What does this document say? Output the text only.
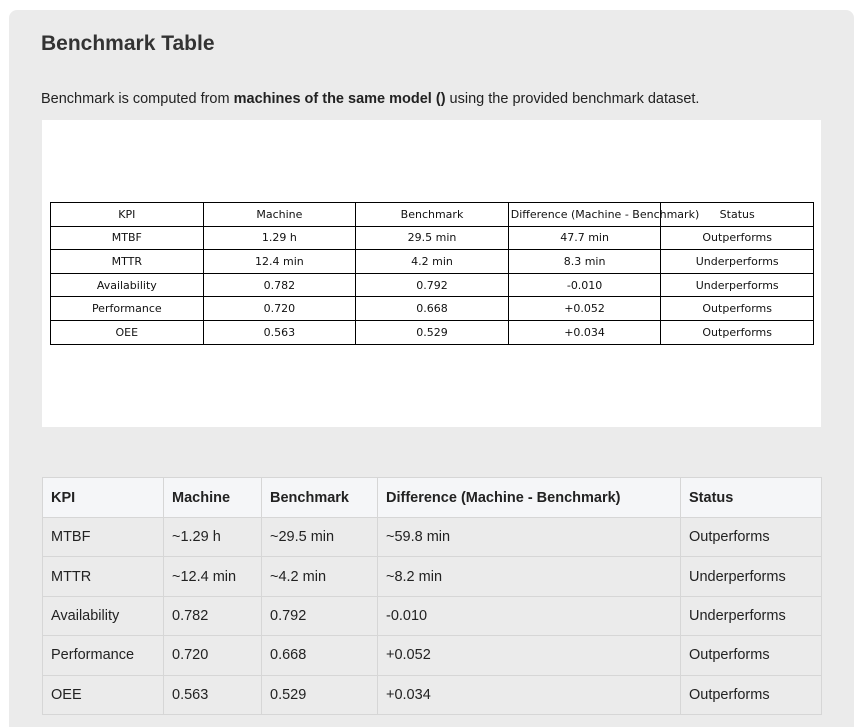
Benchmark Table

Benchmark is computed from machines of the same model () using the provided benchmark dataset.

KPI	Machine	Benchmark	Difference (Machine - Benchmark)	Status
MTBF	1.29 h	29.5 min	47.7 min	Outperforms
MTTR	12.4 min	4.2 min	8.3 min	Underperforms
Availability	0.782	0.792	-0.010	Underperforms
Performance	0.720	0.668	+0.052	Outperforms
OEE	0.563	0.529	+0.034	Outperforms
KPI	Machine	Benchmark	Difference (Machine - Benchmark)	Status
MTBF	~1.29 h	~29.5 min	~59.8 min	Outperforms
MTTR	~12.4 min	~4.2 min	~8.2 min	Underperforms
Availability	0.782	0.792	-0.010	Underperforms
Performance	0.720	0.668	+0.052	Outperforms
OEE	0.563	0.529	+0.034	Outperforms
